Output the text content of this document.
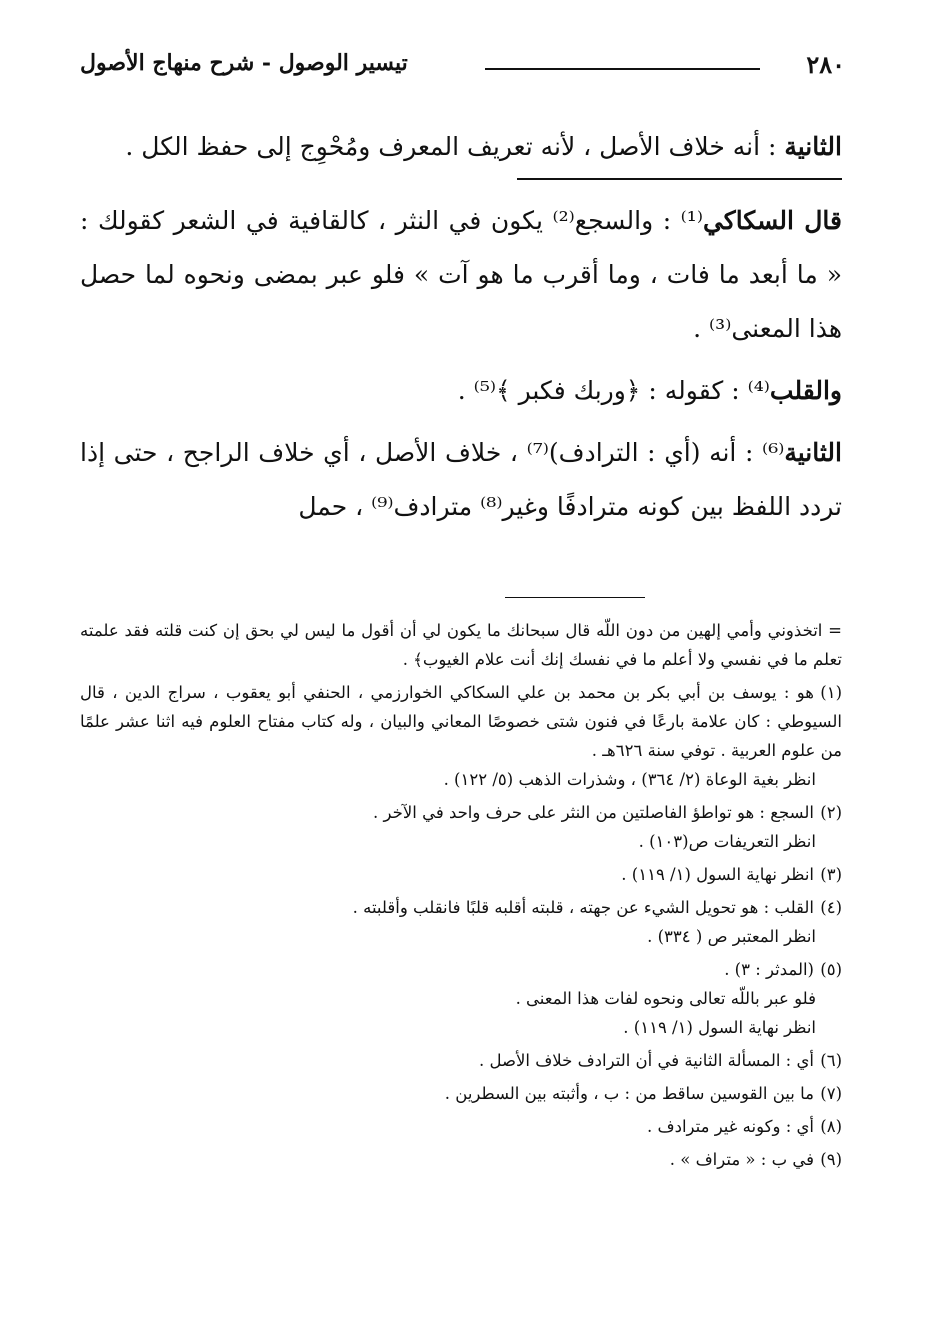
٢٨٠
تيسير الوصول - شرح منهاج الأصول

الثانية : أنه خلاف الأصل ، لأنه تعريف المعرف ومُحْوِج إلى حفظ الكل .

قال السكاكي⁽¹⁾ : والسجع⁽²⁾ يكون في النثر ، كالقافية في الشعر كقولك : « ما أبعد ما فات ، وما أقرب ما هو آت » فلو عبر بمضى ونحوه لما حصل هذا المعنى⁽³⁾ .

والقلب⁽⁴⁾ : كقوله : ﴿وربك فكبر ﴾⁽⁵⁾ .

الثانية⁽⁶⁾ : أنه (أي : الترادف)⁽⁷⁾ ، خلاف الأصل ، أي خلاف الراجح ، حتى إذا تردد اللفظ بين كونه مترادفًا وغير⁽⁸⁾ مترادف⁽⁹⁾ ، حمل

= اتخذوني وأمي إلهين من دون اللّه قال سبحانك ما يكون لي أن أقول ما ليس لي بحق إن كنت قلته فقد علمته تعلم ما في نفسي ولا أعلم ما في نفسك إنك أنت علام الغيوب﴾ .

(١)هو : يوسف بن أبي بكر بن محمد بن علي السكاكي الخوارزمي ، الحنفي أبو يعقوب ، سراج الدين ، قال السيوطي : كان علامة بارعًا في فنون شتى خصوصًا المعاني والبيان ، وله كتاب مفتاح العلوم فيه اثنا عشر علمًا من علوم العربية . توفي سنة ٦٢٦هـ .

انظر بغية الوعاة (٢/ ٣٦٤) ، وشذرات الذهب (٥/ ١٢٢) .

(٢)السجع : هو تواطؤ الفاصلتين من النثر على حرف واحد في الآخر .

انظر التعريفات ص(١٠٣) .

(٣)انظر نهاية السول (١/ ١١٩) .

(٤)القلب : هو تحويل الشيء عن جهته ، قلبته أقلبه قلبًا فانقلب وأقلبته .

انظر المعتبر ص ( ٣٣٤) .

(٥)(المدثر : ٣) .

فلو عبر باللّه تعالى ونحوه لفات هذا المعنى .

انظر نهاية السول (١/ ١١٩) .

(٦)أي : المسألة الثانية في أن الترادف خلاف الأصل .

(٧)ما بين القوسين ساقط من : ب ، وأثبته بين السطرين .

(٨)أي : وكونه غير مترادف .

(٩)في ب : « متراف » .
